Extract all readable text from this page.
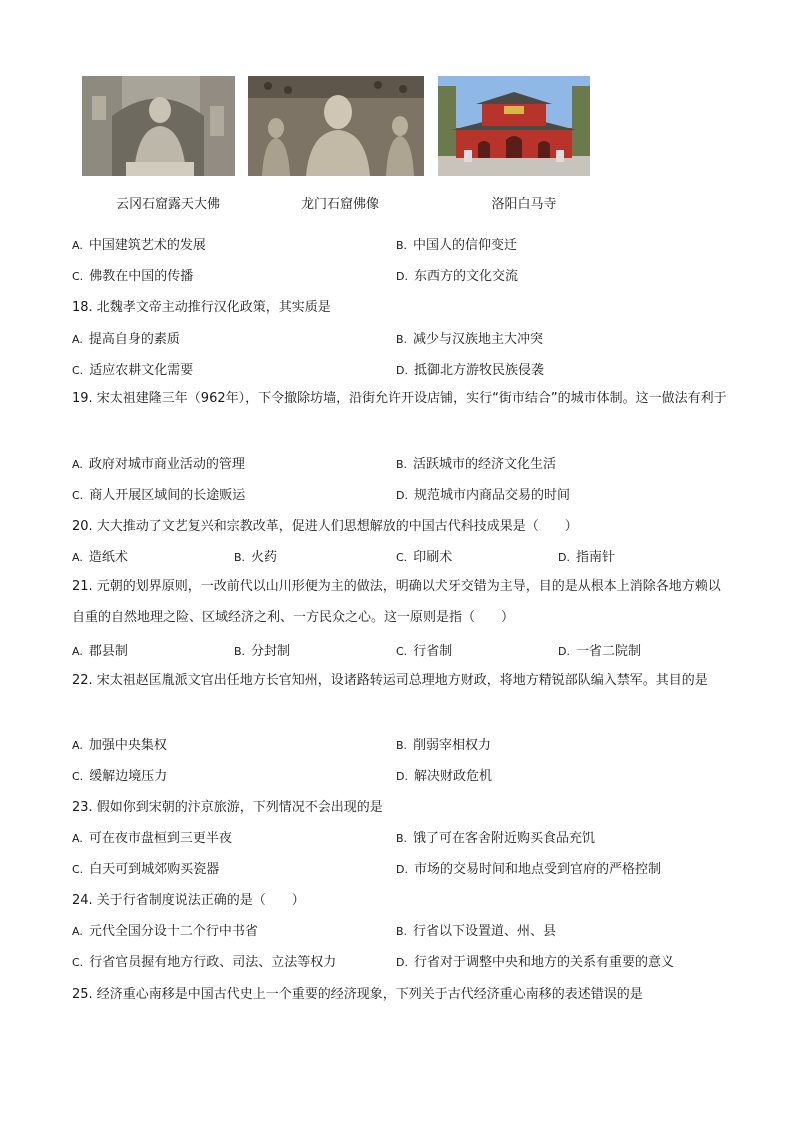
云冈石窟露天大佛	龙门石窟佛像	洛阳白马寺
A. 中国建筑艺术的发展	B. 中国人的信仰变迁
C. 佛教在中国的传播	D. 东西方的文化交流
18. 北魏孝文帝主动推行汉化政策，其实质是
A. 提高自身的素质	B. 减少与汉族地主大冲突
C. 适应农耕文化需要	D. 抵御北方游牧民族侵袭
19. 宋太祖建隆三年（962年），下令撤除坊墙，沿街允许开设店铺，实行“街市结合”的城市体制。这一做法有利于
A. 政府对城市商业活动的管理	B. 活跃城市的经济文化生活
C. 商人开展区域间的长途贩运	D. 规范城市内商品交易的时间
20. 大大推动了文艺复兴和宗教改革，促进人们思想解放的中国古代科技成果是（　　）
A. 造纸术	B. 火药	C. 印刷术	D. 指南针
21. 元朝的划界原则，一改前代以山川形便为主的做法，明确以犬牙交错为主导，目的是从根本上消除各地方赖以自重的自然地理之险、区域经济之利、一方民众之心。这一原则是指（　　）
A. 郡县制	B. 分封制	C. 行省制	D. 一省二院制
22. 宋太祖赵匡胤派文官出任地方长官知州，设诸路转运司总理地方财政，将地方精锐部队编入禁军。其目的是
A. 加强中央集权	B. 削弱宰相权力
C. 缓解边境压力	D. 解决财政危机
23. 假如你到宋朝的汴京旅游，下列情况不会出现的是
A. 可在夜市盘桓到三更半夜	B. 饿了可在客舍附近购买食品充饥
C. 白天可到城郊购买瓷器	D. 市场的交易时间和地点受到官府的严格控制
24. 关于行省制度说法正确的是（　　）
A. 元代全国分设十二个行中书省	B. 行省以下设置道、州、县
C. 行省官员握有地方行政、司法、立法等权力	D. 行省对于调整中央和地方的关系有重要的意义
25. 经济重心南移是中国古代史上一个重要的经济现象，下列关于古代经济重心南移的表述错误的是
